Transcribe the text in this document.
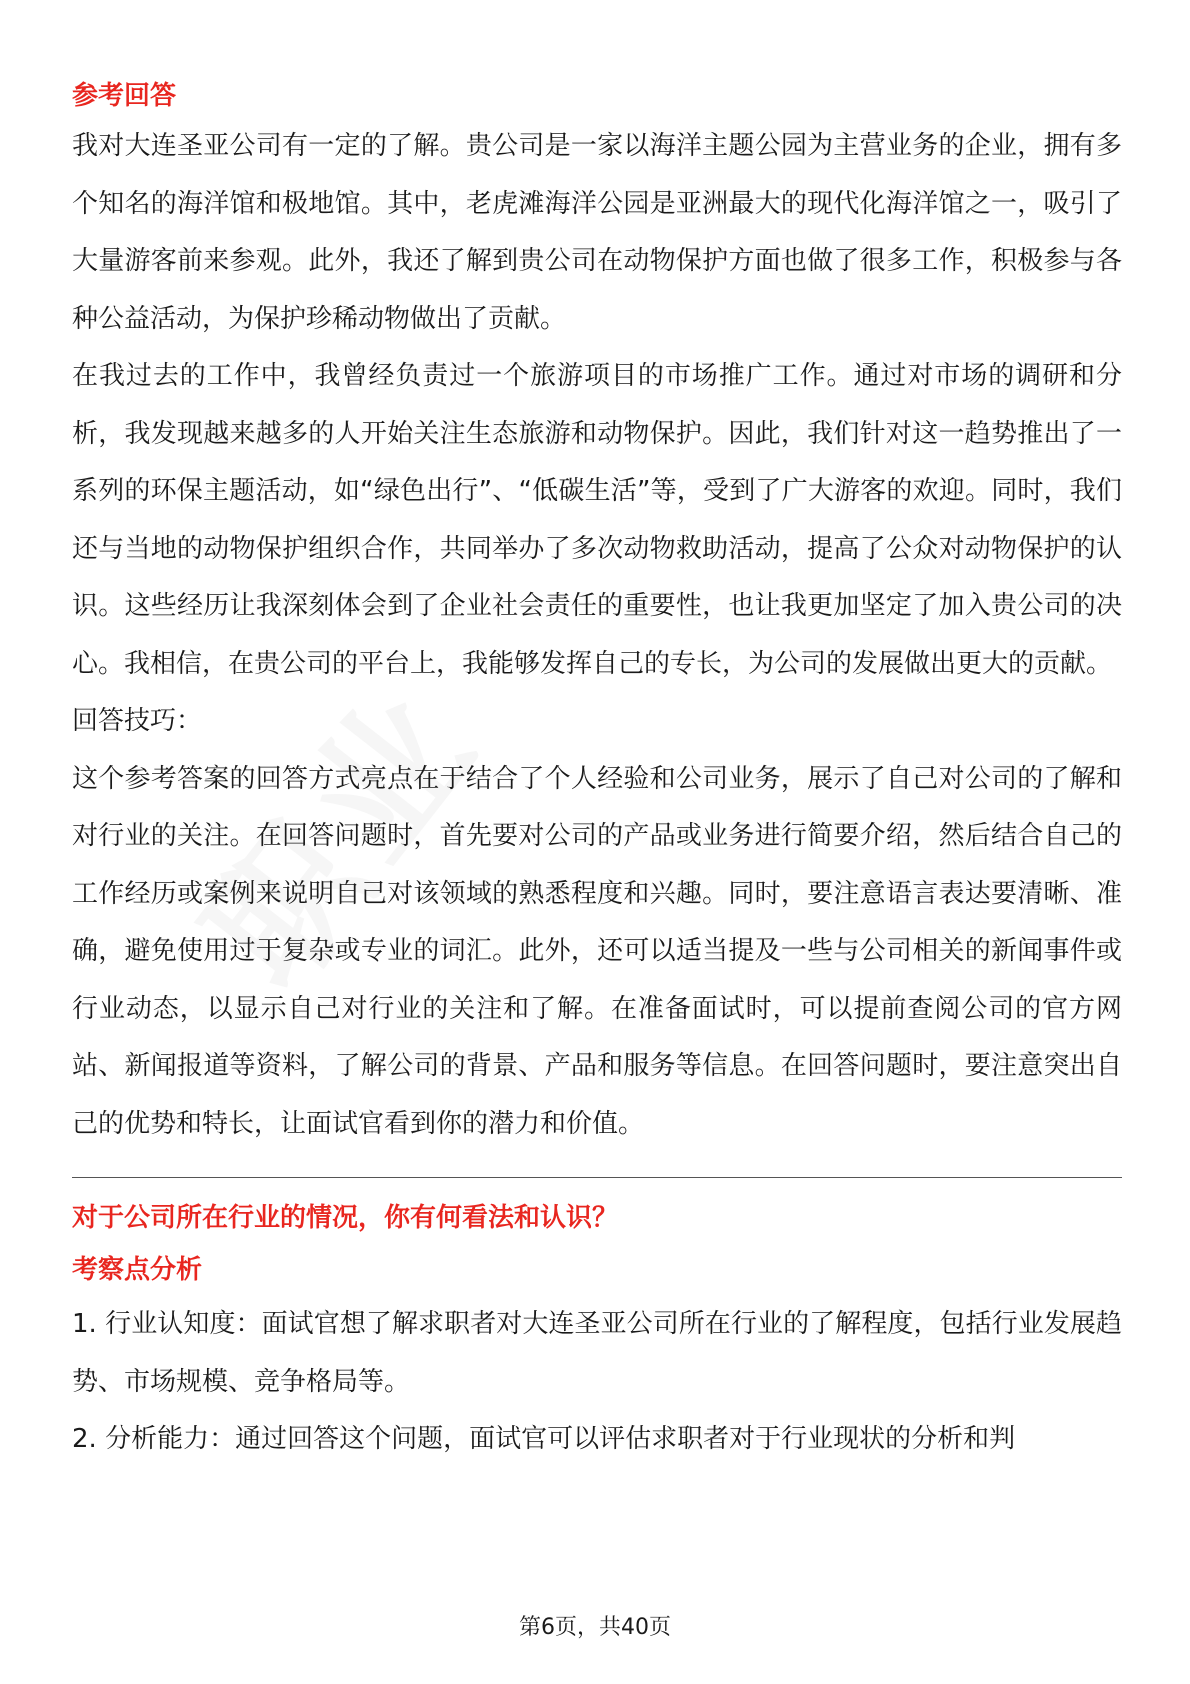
参考回答

我对大连圣亚公司有一定的了解。贵公司是一家以海洋主题公园为主营业务的企业，拥有多个知名的海洋馆和极地馆。其中，老虎滩海洋公园是亚洲最大的现代化海洋馆之一，吸引了大量游客前来参观。此外，我还了解到贵公司在动物保护方面也做了很多工作，积极参与各种公益活动，为保护珍稀动物做出了贡献。

在我过去的工作中，我曾经负责过一个旅游项目的市场推广工作。通过对市场的调研和分析，我发现越来越多的人开始关注生态旅游和动物保护。因此，我们针对这一趋势推出了一系列的环保主题活动，如“绿色出行”、“低碳生活”等，受到了广大游客的欢迎。同时，我们还与当地的动物保护组织合作，共同举办了多次动物救助活动，提高了公众对动物保护的认识。这些经历让我深刻体会到了企业社会责任的重要性，也让我更加坚定了加入贵公司的决心。我相信，在贵公司的平台上，我能够发挥自己的专长，为公司的发展做出更大的贡献。

回答技巧：

这个参考答案的回答方式亮点在于结合了个人经验和公司业务，展示了自己对公司的了解和对行业的关注。在回答问题时，首先要对公司的产品或业务进行简要介绍，然后结合自己的工作经历或案例来说明自己对该领域的熟悉程度和兴趣。同时，要注意语言表达要清晰、准确，避免使用过于复杂或专业的词汇。此外，还可以适当提及一些与公司相关的新闻事件或行业动态，以显示自己对行业的关注和了解。在准备面试时，可以提前查阅公司的官方网站、新闻报道等资料，了解公司的背景、产品和服务等信息。在回答问题时，要注意突出自己的优势和特长，让面试官看到你的潜力和价值。

对于公司所在行业的情况，你有何看法和认识？
考察点分析

1. 行业认知度：面试官想了解求职者对大连圣亚公司所在行业的了解程度，包括行业发展趋势、市场规模、竞争格局等。

2. 分析能力：通过回答这个问题，面试官可以评估求职者对于行业现状的分析和判

第6页，共40页
